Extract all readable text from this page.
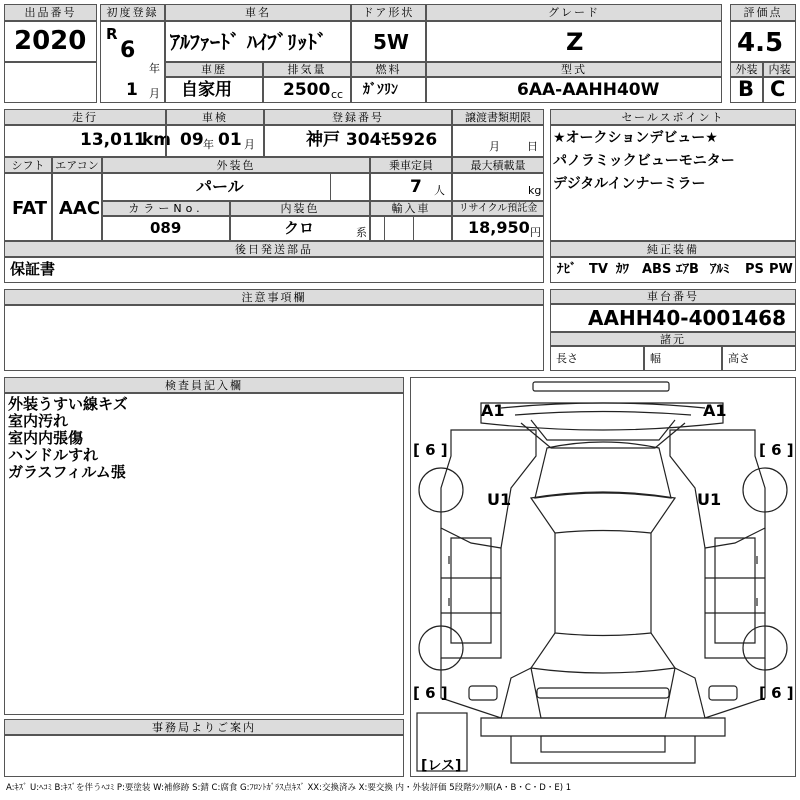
出品番号
2020
初度登録
R
6
年
1 月
車名
ｱﾙﾌｧｰﾄﾞ ﾊｲﾌﾞﾘｯﾄﾞ
ドア形状
5W
グレード
Z
車歴
自家用
排気量
2500 cc
燃料
ｶﾞｿﾘﾝ
型式
6AA-AAHH40W
評価点
4.5
外装	内装
B C
走行
13,011
km
車検
09 年 01 月
登録番号
神戸 304ﾓ5926
譲渡書類期限
月 日
シフト
FAT
エアコン
AAC
外装色
パール
乗車定員
7 人
最大積載量
kg
カラーNo.
089
内装色
クロ	系
輸入車	リサイクル預託金
18,950 円
後日発送部品
保証書
セールスポイント
★オークションデビュー★
パノラミックビューモニター
デジタルインナーミラー
純正装備
ﾅﾋﾞ TV ｶﾜ ABS ｴｱB ｱﾙﾐ PS PW
注意事項欄	車台番号
AAHH40-4001468
諸元
長さ	幅	高さ
検査員記入欄
外装うすい線キズ
室内汚れ
室内内張傷
ハンドルすれ
ガラスフィルム張
事務局よりご案内
A1	A1
U1	U1
[ 6 ]	[ 6 ]
[ 6 ]	[ 6 ]
[レス]
A:ｷｽﾞ U:ﾍｺﾐ B:ｷｽﾞを伴うﾍｺﾐ P:要塗装 W:補修跡 S:錆 C:腐食 G:ﾌﾛﾝﾄｶﾞﾗｽ点ｷｽﾞ XX:交換済み X:要交換 内・外装評価 5段階ﾗﾝｸ順(A・B・C・D・E) 1
